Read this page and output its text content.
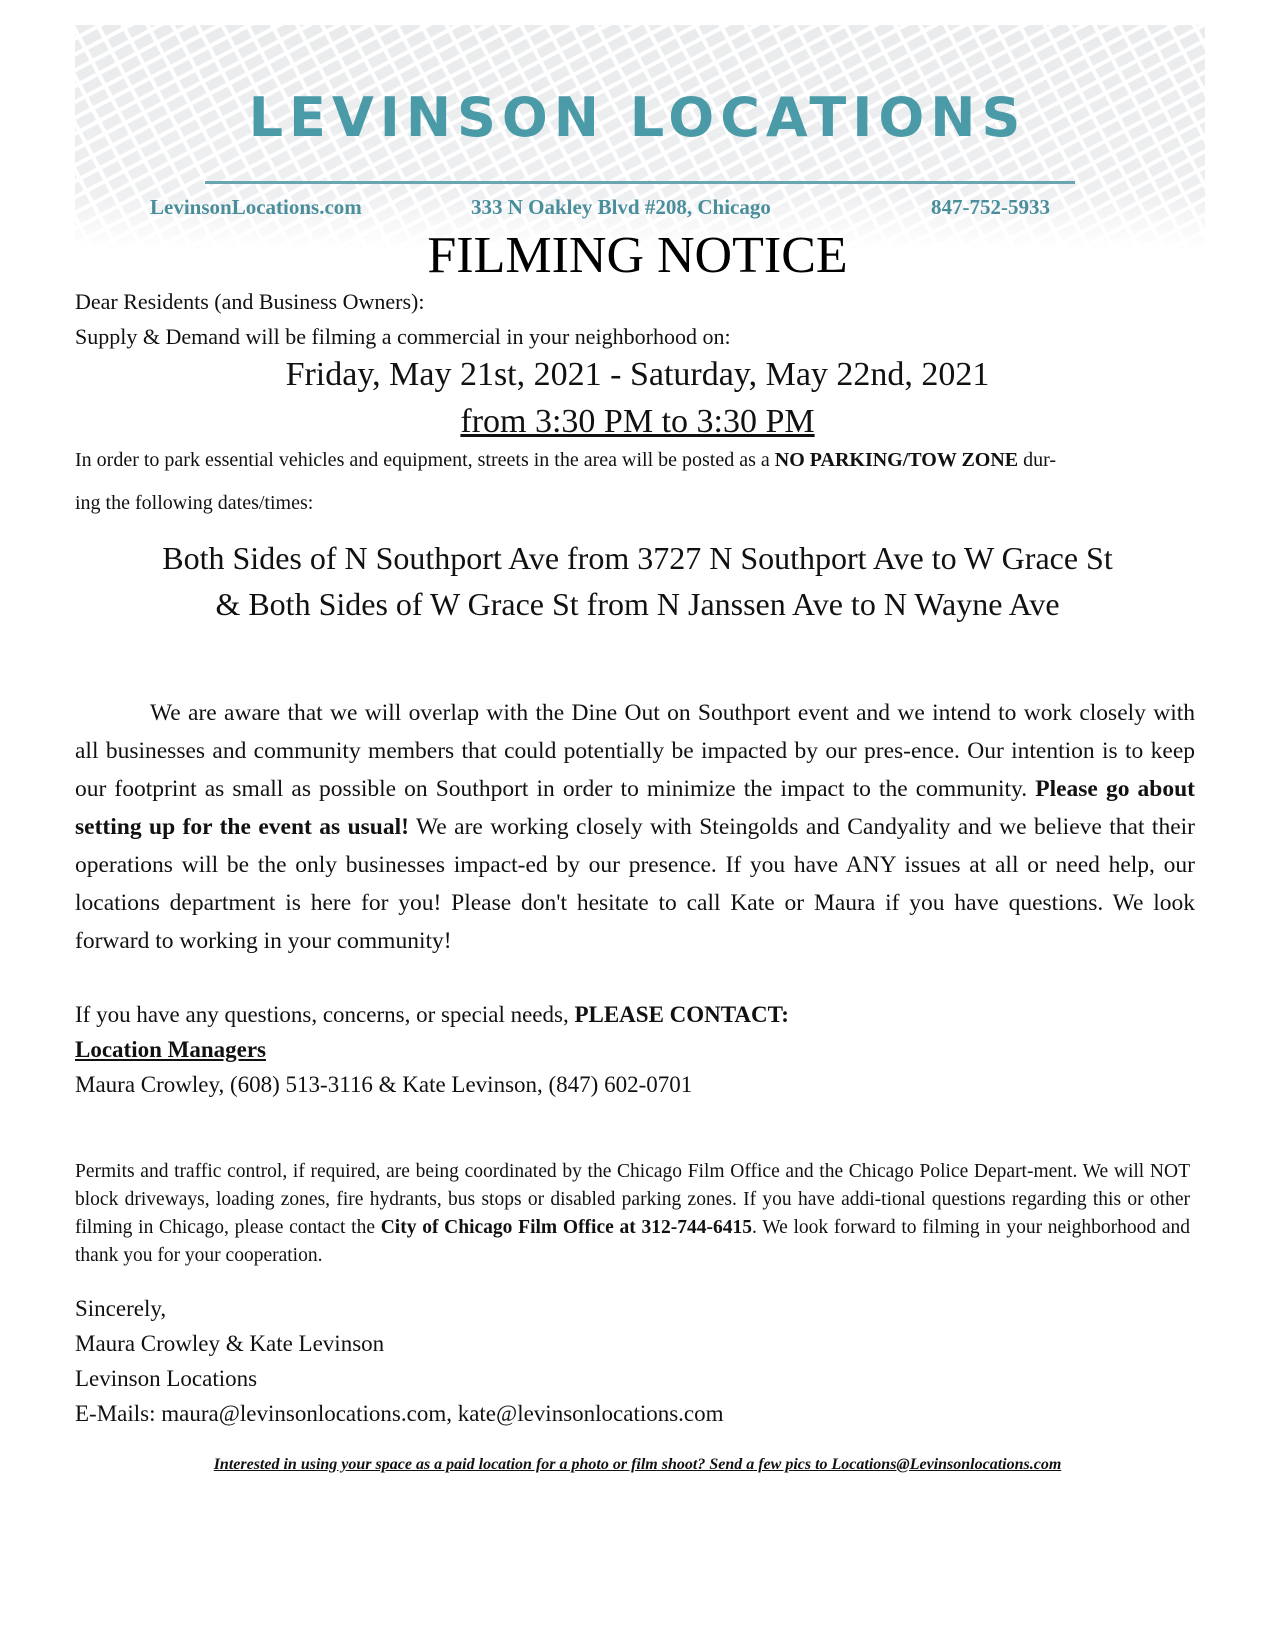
LEVINSON LOCATIONS
LevinsonLocations.com	333 N Oakley Blvd #208, Chicago	847-752-5933
FILMING NOTICE
Dear Residents (and Business Owners):
Supply & Demand will be filming a commercial in your neighborhood on:
Friday, May 21st, 2021 - Saturday, May 22nd, 2021
from 3:30 PM to 3:30 PM
In order to park essential vehicles and equipment, streets in the area will be posted as a NO PARKING/TOW ZONE dur-
ing the following dates/times:
Both Sides of N Southport Ave from 3727 N Southport Ave to W Grace St
& Both Sides of W Grace St from N Janssen Ave to N Wayne Ave
We are aware that we will overlap with the Dine Out on Southport event and we intend to work closely with all businesses and community members that could potentially be impacted by our pres-ence. Our intention is to keep our footprint as small as possible on Southport in order to minimize the impact to the community. Please go about setting up for the event as usual! We are working closely with Steingolds and Candyality and we believe that their operations will be the only businesses impact-ed by our presence. If you have ANY issues at all or need help, our locations department is here for you! Please don't hesitate to call Kate or Maura if you have questions. We look forward to working in your community!
If you have any questions, concerns, or special needs, PLEASE CONTACT:
Location Managers
Maura Crowley, (608) 513-3116 & Kate Levinson, (847) 602-0701
Permits and traffic control, if required, are being coordinated by the Chicago Film Office and the Chicago Police Depart-ment. We will NOT block driveways, loading zones, fire hydrants, bus stops or disabled parking zones. If you have addi-tional questions regarding this or other filming in Chicago, please contact the City of Chicago Film Office at 312-744-6415. We look forward to filming in your neighborhood and thank you for your cooperation.
Sincerely,
Maura Crowley & Kate Levinson
Levinson Locations
E-Mails: maura@levinsonlocations.com, kate@levinsonlocations.com
Interested in using your space as a paid location for a photo or film shoot? Send a few pics to Locations@Levinsonlocations.com
